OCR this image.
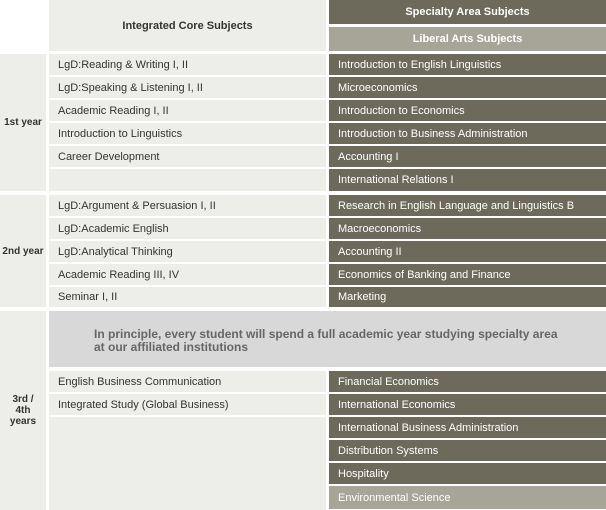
Integrated Core Subjects
Specialty Area Subjects
Liberal Arts Subjects
1st year
LgD:Reading & Writing I, II
LgD:Speaking & Listening I, II
Academic Reading I, II
Introduction to Linguistics
Career Development
Introduction to English Linguistics
Microeconomics
Introduction to Economics
Introduction to Business Administration
Accounting I
International Relations I
2nd year
LgD:Argument & Persuasion I, II
LgD:Academic English
LgD:Analytical Thinking
Academic Reading III, IV
Seminar I, II
Research in English Language and Linguistics B
Macroeconomics
Accounting II
Economics of Banking and Finance
Marketing
3rd / 4th years
In principle, every student will spend a full academic year studying specialty area at our affiliated institutions
English Business Communication
Integrated Study (Global Business)
Financial Economics
International Economics
International Business Administration
Distribution Systems
Hospitality
Environmental Science
